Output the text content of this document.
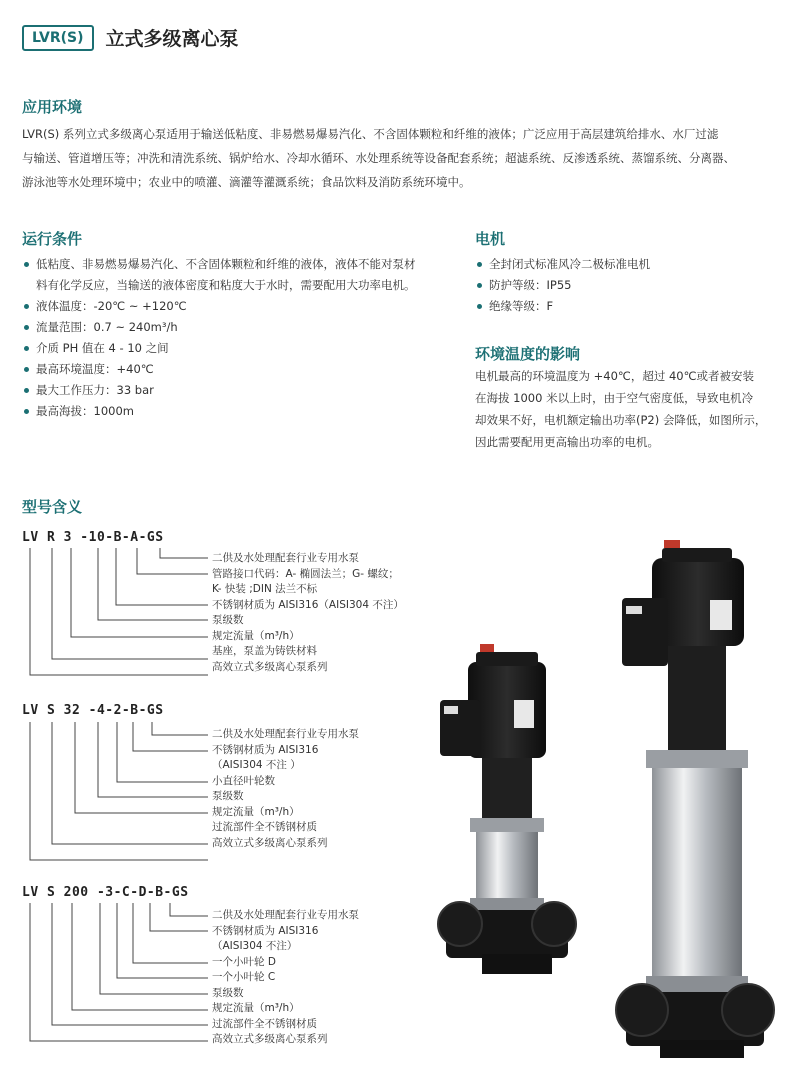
LVR(S)	立式多级离心泵
应用环境
LVR(S) 系列立式多级离心泵适用于输送低粘度、非易燃易爆易汽化、不含固体颗粒和纤维的液体；广泛应用于高层建筑给排水、水厂过滤
与输送、管道增压等；冲洗和清洗系统、锅炉给水、冷却水循环、水处理系统等设备配套系统；超滤系统、反渗透系统、蒸馏系统、分离器、
游泳池等水处理环境中；农业中的喷灌、滴灌等灌溉系统；食品饮料及消防系统环境中。
运行条件
低粘度、非易燃易爆易汽化、不含固体颗粒和纤维的液体，液体不能对泵材料有化学反应，当输送的液体密度和粘度大于水时，需要配用大功率电机。
液体温度：-20℃ ~ +120℃
流量范围：0.7 ~ 240m³/h
介质 PH 值在 4 - 10 之间
最高环境温度：+40℃
最大工作压力：33 bar
最高海拔：1000m
电机
全封闭式标准风冷二极标准电机
防护等级：IP55
绝缘等级：F
环境温度的影响
电机最高的环境温度为 +40℃，超过 40℃或者被安装
在海拔 1000 米以上时，由于空气密度低，导致电机冷
却效果不好，电机额定输出功率(P2) 会降低，如图所示，
因此需要配用更高输出功率的电机。
型号含义
LV R 3 -10-B-A-GS
二供及水处理配套行业专用水泵
管路接口代码：A- 椭圆法兰；G- 螺纹；
K- 快装 ;DIN 法兰不标
不锈钢材质为 AISI316（AISI304 不注）
泵级数
规定流量（m³/h）
基座，泵盖为铸铁材料
高效立式多级离心泵系列
LV S 32 -4-2-B-GS
二供及水处理配套行业专用水泵
不锈钢材质为 AISI316
（AISI304 不注 ）
小直径叶轮数
泵级数
规定流量（m³/h）
过流部件全不锈钢材质
高效立式多级离心泵系列
LV S 200 -3-C-D-B-GS
二供及水处理配套行业专用水泵
不锈钢材质为 AISI316
（AISI304 不注）
一个小叶轮 D
一个小叶轮 C
泵级数
规定流量（m³/h）
过流部件全不锈钢材质
高效立式多级离心泵系列
